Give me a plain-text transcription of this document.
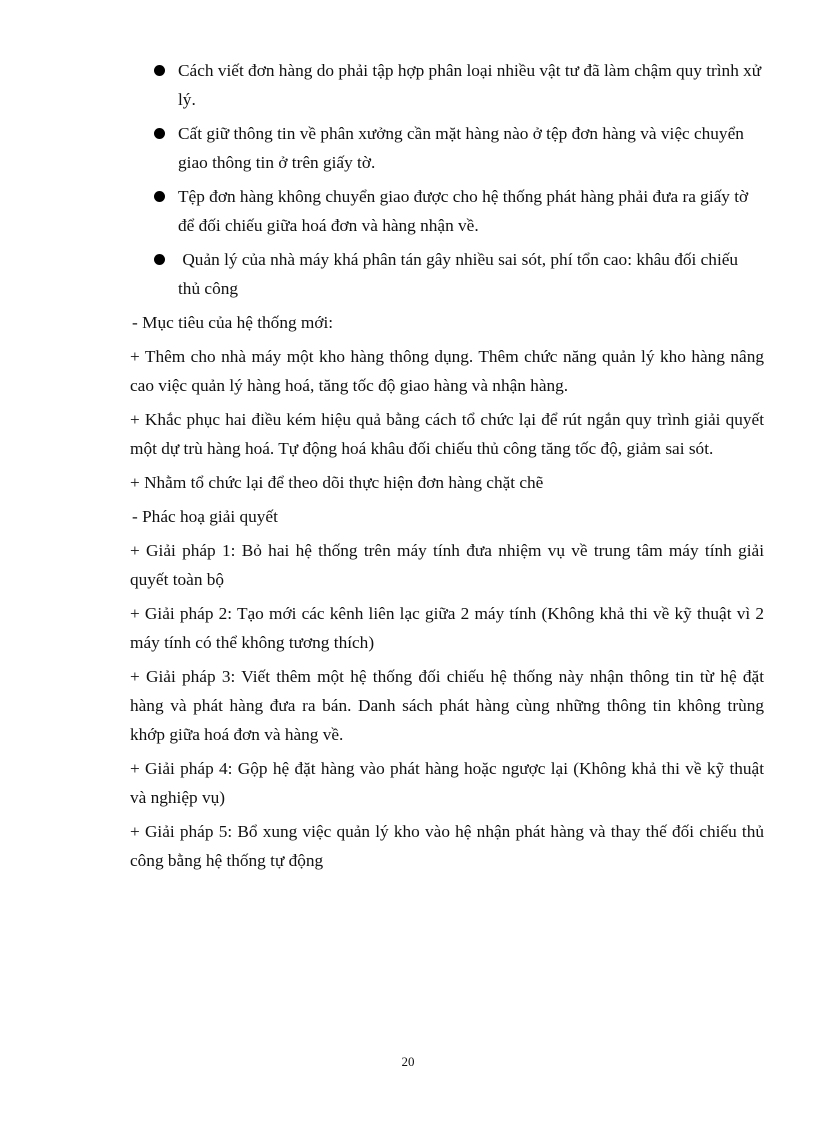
Cách viết đơn hàng do phải tập hợp phân loại nhiều vật tư đã làm chậm quy trình xử lý.
Cất giữ thông tin về phân xưởng cần mặt hàng nào ở tệp đơn hàng và việc chuyển giao thông tin ở trên giấy tờ.
Tệp đơn hàng không chuyển giao được cho hệ thống phát hàng phải đưa ra giấy tờ để đối chiếu giữa hoá đơn và hàng nhận về.
Quản lý của nhà máy khá phân tán gây nhiều sai sót, phí tổn cao: khâu đối chiếu thủ công

- Mục tiêu của hệ thống mới:

+ Thêm cho nhà máy một kho hàng thông dụng. Thêm chức năng quản lý kho hàng nâng cao việc quản lý hàng hoá, tăng tốc độ giao hàng và nhận hàng.

+ Khắc phục hai điều kém hiệu quả bằng cách tổ chức lại để rút ngắn quy trình giải quyết một dự trù hàng hoá. Tự động hoá khâu đối chiếu thủ công tăng tốc độ, giảm sai sót.

+ Nhằm tổ chức lại để theo dõi thực hiện đơn hàng chặt chẽ

- Phác hoạ giải quyết

+ Giải pháp 1: Bỏ hai hệ thống trên máy tính đưa nhiệm vụ về trung tâm máy tính giải quyết toàn bộ

+ Giải pháp 2: Tạo mới các kênh liên lạc giữa 2 máy tính (Không khả thi về kỹ thuật vì 2 máy tính có thể không tương thích)

+ Giải pháp 3: Viết thêm một hệ thống đối chiếu hệ thống này nhận thông tin từ hệ đặt hàng và phát hàng đưa ra bán. Danh sách phát hàng cùng những thông tin không trùng khớp giữa hoá đơn và hàng về.

+ Giải pháp 4: Gộp hệ đặt hàng vào phát hàng hoặc ngược lại (Không khả thi về kỹ thuật và nghiệp vụ)

+ Giải pháp 5: Bổ xung việc quản lý kho vào hệ nhận phát hàng và thay thế đối chiếu thủ công bằng hệ thống tự động

20
